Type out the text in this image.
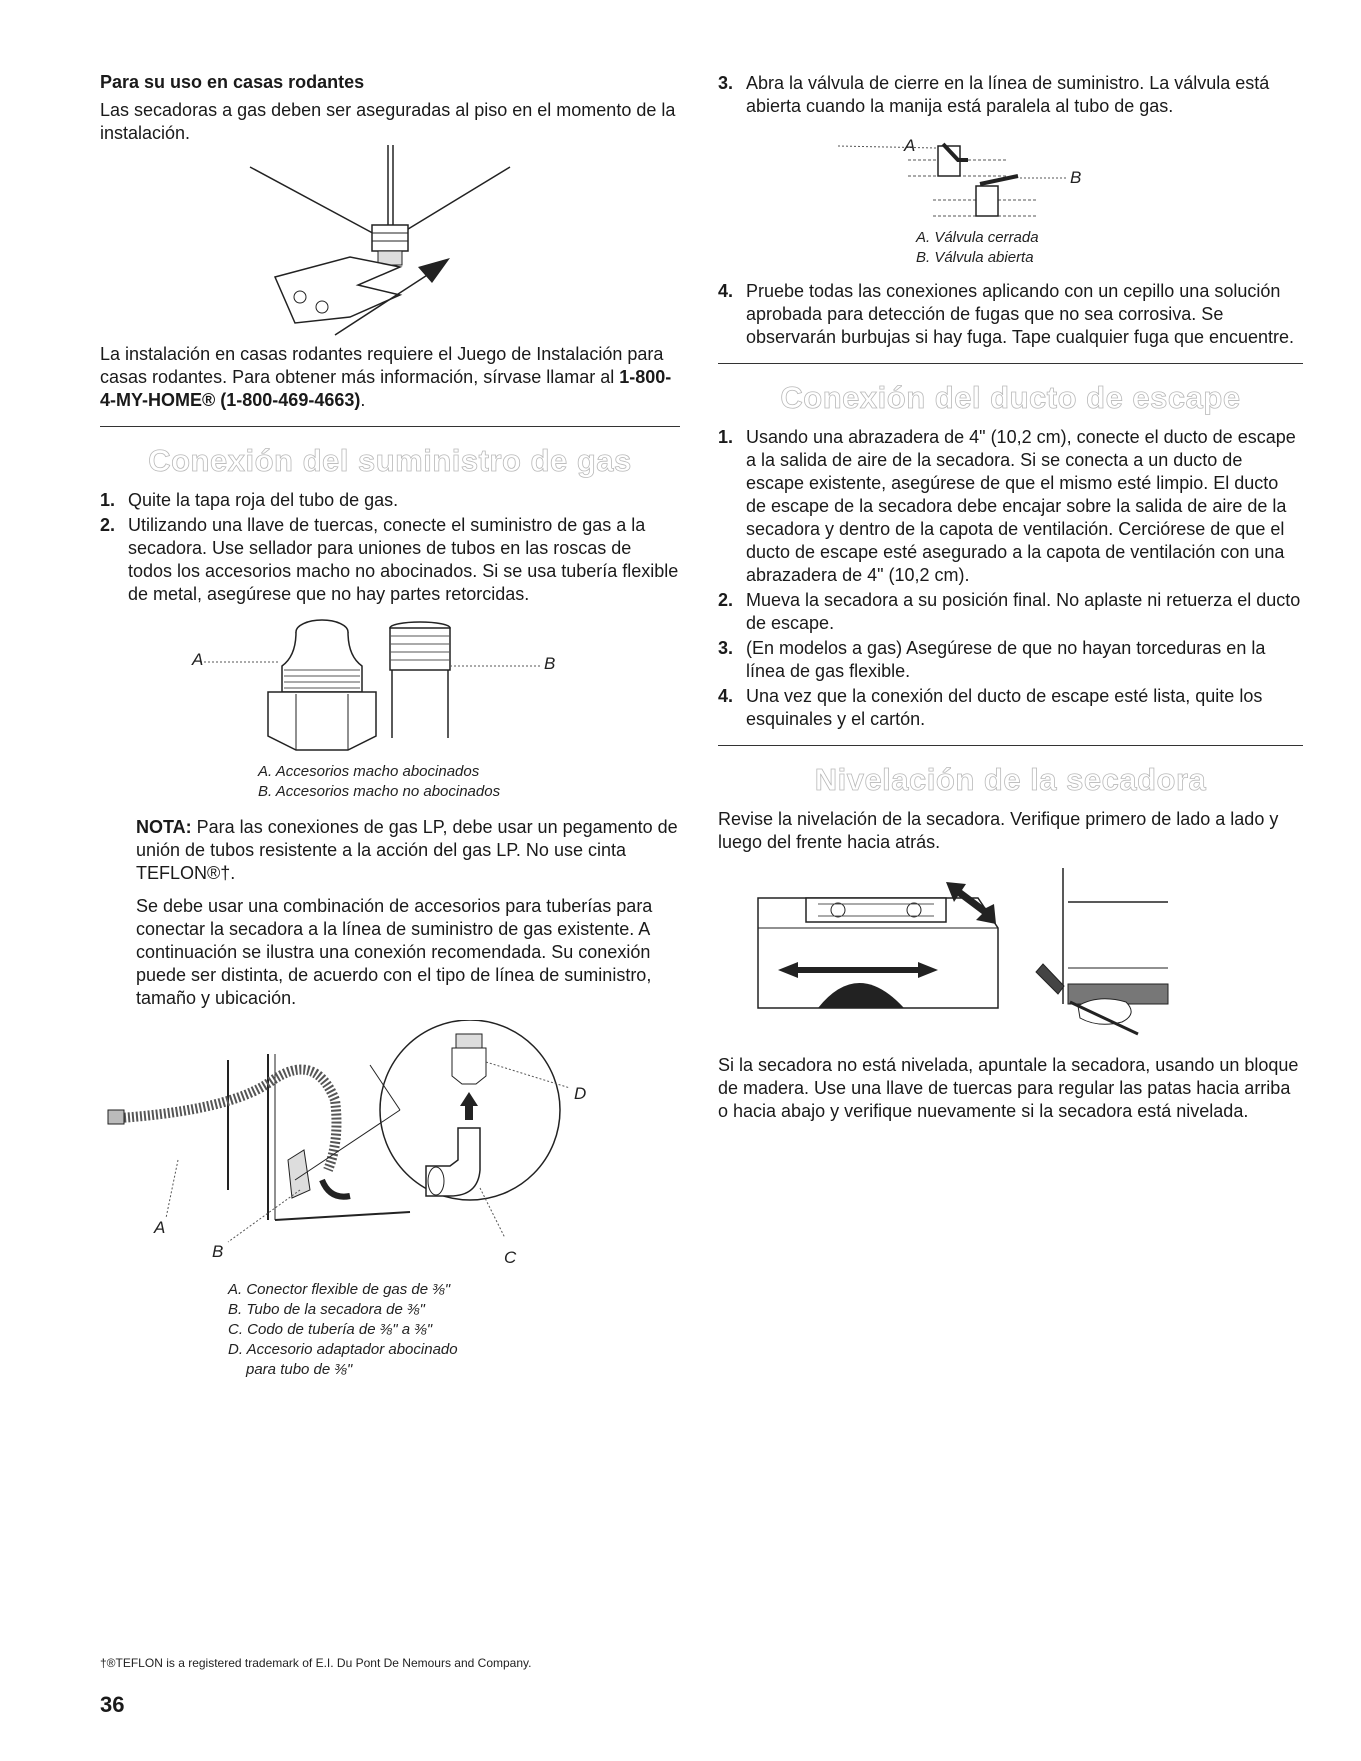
Para su uso en casas rodantes

Las secadoras a gas deben ser aseguradas al piso en el momento de la instalación.

La instalación en casas rodantes requiere el Juego de Instalación para casas rodantes. Para obtener más información, sírvase llamar al 1-800-4-MY-HOME® (1-800-469-4663).

Conexión del suministro de gas
1. Quite la tapa roja del tubo de gas.
2. Utilizando una llave de tuercas, conecte el suministro de gas a la secadora. Use sellador para uniones de tubos en las roscas de todos los accesorios macho no abocinados. Si se usa tubería flexible de metal, asegúrese que no hay partes retorcidas.
A	B
A. Accesorios macho abocinados
B. Accesorios macho no abocinados

NOTA: Para las conexiones de gas LP, debe usar un pegamento de unión de tubos resistente a la acción del gas LP. No use cinta TEFLON®†.

Se debe usar una combinación de accesorios para tuberías para conectar la secadora a la línea de suministro de gas existente. A continuación se ilustra una conexión recomendada. Su conexión puede ser distinta, de acuerdo con el tipo de línea de suministro, tamaño y ubicación.

A
B	C
D
A. Conector flexible de gas de ⅜"
B. Tubo de la secadora de ⅜"
C. Codo de tubería de ⅜" a ⅜"
D. Accesorio adaptador abocinado
para tubo de ⅜"
3. Abra la válvula de cierre en la línea de suministro. La válvula está abierta cuando la manija está paralela al tubo de gas.
A
B
A. Válvula cerrada
B. Válvula abierta
4. Pruebe todas las conexiones aplicando con un cepillo una solución aprobada para detección de fugas que no sea corrosiva. Se observarán burbujas si hay fuga. Tape cualquier fuga que encuentre.
Conexión del ducto de escape
1. Usando una abrazadera de 4" (10,2 cm), conecte el ducto de escape a la salida de aire de la secadora. Si se conecta a un ducto de escape existente, asegúrese de que el mismo esté limpio. El ducto de escape de la secadora debe encajar sobre la salida de aire de la secadora y dentro de la capota de ventilación. Cerciórese de que el ducto de escape esté asegurado a la capota de ventilación con una abrazadera de 4" (10,2 cm).
2. Mueva la secadora a su posición final. No aplaste ni retuerza el ducto de escape.
3. (En modelos a gas) Asegúrese de que no hayan torceduras en la línea de gas flexible.
4. Una vez que la conexión del ducto de escape esté lista, quite los esquinales y el cartón.
Nivelación de la secadora

Revise la nivelación de la secadora. Verifique primero de lado a lado y luego del frente hacia atrás.

Si la secadora no está nivelada, apuntale la secadora, usando un bloque de madera. Use una llave de tuercas para regular las patas hacia arriba o hacia abajo y verifique nuevamente si la secadora está nivelada.

†®TEFLON is a registered trademark of E.I. Du Pont De Nemours and Company.
36
